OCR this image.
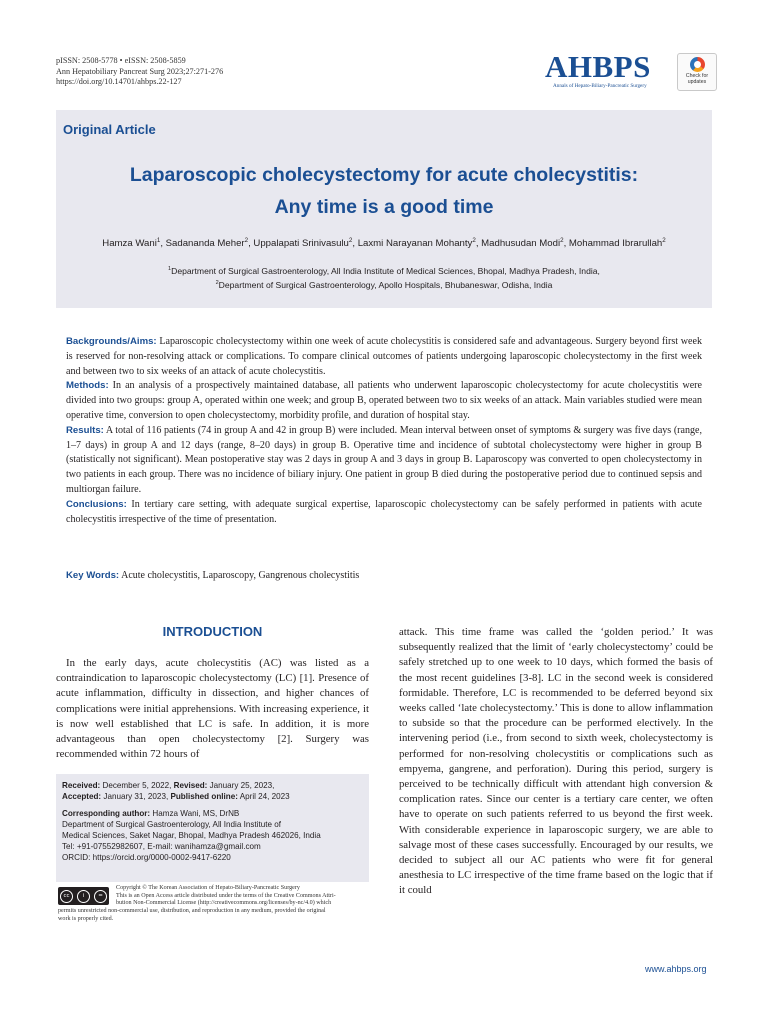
pISSN: 2508-5778 • eISSN: 2508-5859
Ann Hepatobiliary Pancreat Surg 2023;27:271-276
https://doi.org/10.14701/ahbps.22-127	AHBPS
Annals of Hepato-Biliary-Pancreatic Surgery
Check for
updates
Original Article
Laparoscopic cholecystectomy for acute cholecystitis:
Any time is a good time
Hamza Wani$^1$, Sadananda Meher$^2$, Uppalapati Srinivasulu$^2$, Laxmi Narayanan Mohanty$^2$, Madhusudan Modi$^2$, Mohammad Ibrarullah$^2$
$^1$Department of Surgical Gastroenterology, All India Institute of Medical Sciences, Bhopal, Madhya Pradesh, India,
$^2$Department of Surgical Gastroenterology, Apollo Hospitals, Bhubaneswar, Odisha, India

Backgrounds/Aims: Laparoscopic cholecystectomy within one week of acute cholecystitis is considered safe and advantageous. Surgery beyond first week is reserved for non-resolving attack or complications. To compare clinical outcomes of patients undergoing laparoscopic cholecystectomy in the first week and between two to six weeks of an attack of acute cholecystitis.

Methods: In an analysis of a prospectively maintained database, all patients who underwent laparoscopic cholecystectomy for acute cholecystitis were divided into two groups: group A, operated within one week; and group B, operated between two to six weeks of an attack. Main variables studied were mean operative time, conversion to open cholecystectomy, morbidity profile, and duration of hospital stay.

Results: A total of 116 patients (74 in group A and 42 in group B) were included. Mean interval between onset of symptoms & surgery was five days (range, 1–7 days) in group A and 12 days (range, 8–20 days) in group B. Operative time and incidence of subtotal cholecystectomy were higher in group B (statistically not significant). Mean postoperative stay was 2 days in group A and 3 days in group B. Laparoscopy was converted to open cholecystectomy in two patients in each group. There was no incidence of biliary injury. One patient in group B died during the postoperative period due to continued sepsis and multiorgan failure.

Conclusions: In tertiary care setting, with adequate surgical expertise, laparoscopic cholecystectomy can be safely performed in patients with acute cholecystitis irrespective of the time of presentation.

Key Words: Acute cholecystitis, Laparoscopy, Gangrenous cholecystitis
INTRODUCTION

In the early days, acute cholecystitis (AC) was listed as a contraindication to laparoscopic cholecystectomy (LC) [1]. Presence of acute inflammation, difficulty in dissection, and higher chances of complications were initial apprehensions. With increasing experience, it is now well established that LC is safe. In addition, it is more advantageous than open cholecystectomy [2]. Surgery was recommended within 72 hours of

attack. This time frame was called the ‘golden period.’ It was subsequently realized that the limit of ‘early cholecystectomy’ could be safely stretched up to one week to 10 days, which formed the basis of the most recent guidelines [3-8]. LC in the second week is considered formidable. Therefore, LC is recommended to be deferred beyond six weeks called ‘late cholecystectomy.’ This is done to allow inflammation to subside so that the procedure can be performed electively. In the intervening period (i.e., from second to sixth week, cholecystectomy is performed for non-resolving cholecystitis or complications such as empyema, gangrene, and perforation). During this period, surgery is perceived to be technically difficult with attendant high conversion & complication rates. Since our center is a tertiary care center, we often have to operate on such patients referred to us beyond the first week. With considerable experience in laparoscopic surgery, we are able to salvage most of these cases successfully. Encouraged by our results, we decided to subject all our AC patients who were fit for general anesthesia to LC irrespective of the time frame based on the logic that if it could

Received: December 5, 2022, Revised: January 25, 2023,
Accepted: January 31, 2023, Published online: April 24, 2023
Corresponding author: Hamza Wani, MS, DrNB
Department of Surgical Gastroenterology, All India Institute of
Medical Sciences, Saket Nagar, Bhopal, Madhya Pradesh 462026, India
Tel: +91-07552982607, E-mail: wanihamza@gmail.com
ORCID: https://orcid.org/0000-0002-9417-6220
cc	i	=
Copyright © The Korean Association of Hepato-Biliary-Pancreatic Surgery
This is an Open Access article distributed under the terms of the Creative Commons Attri-
bution Non-Commercial License (http://creativecommons.org/licenses/by-nc/4.0) which
permits unrestricted non-commercial use, distribution, and reproduction in any medium, provided the original
work is properly cited.
www.ahbps.org
